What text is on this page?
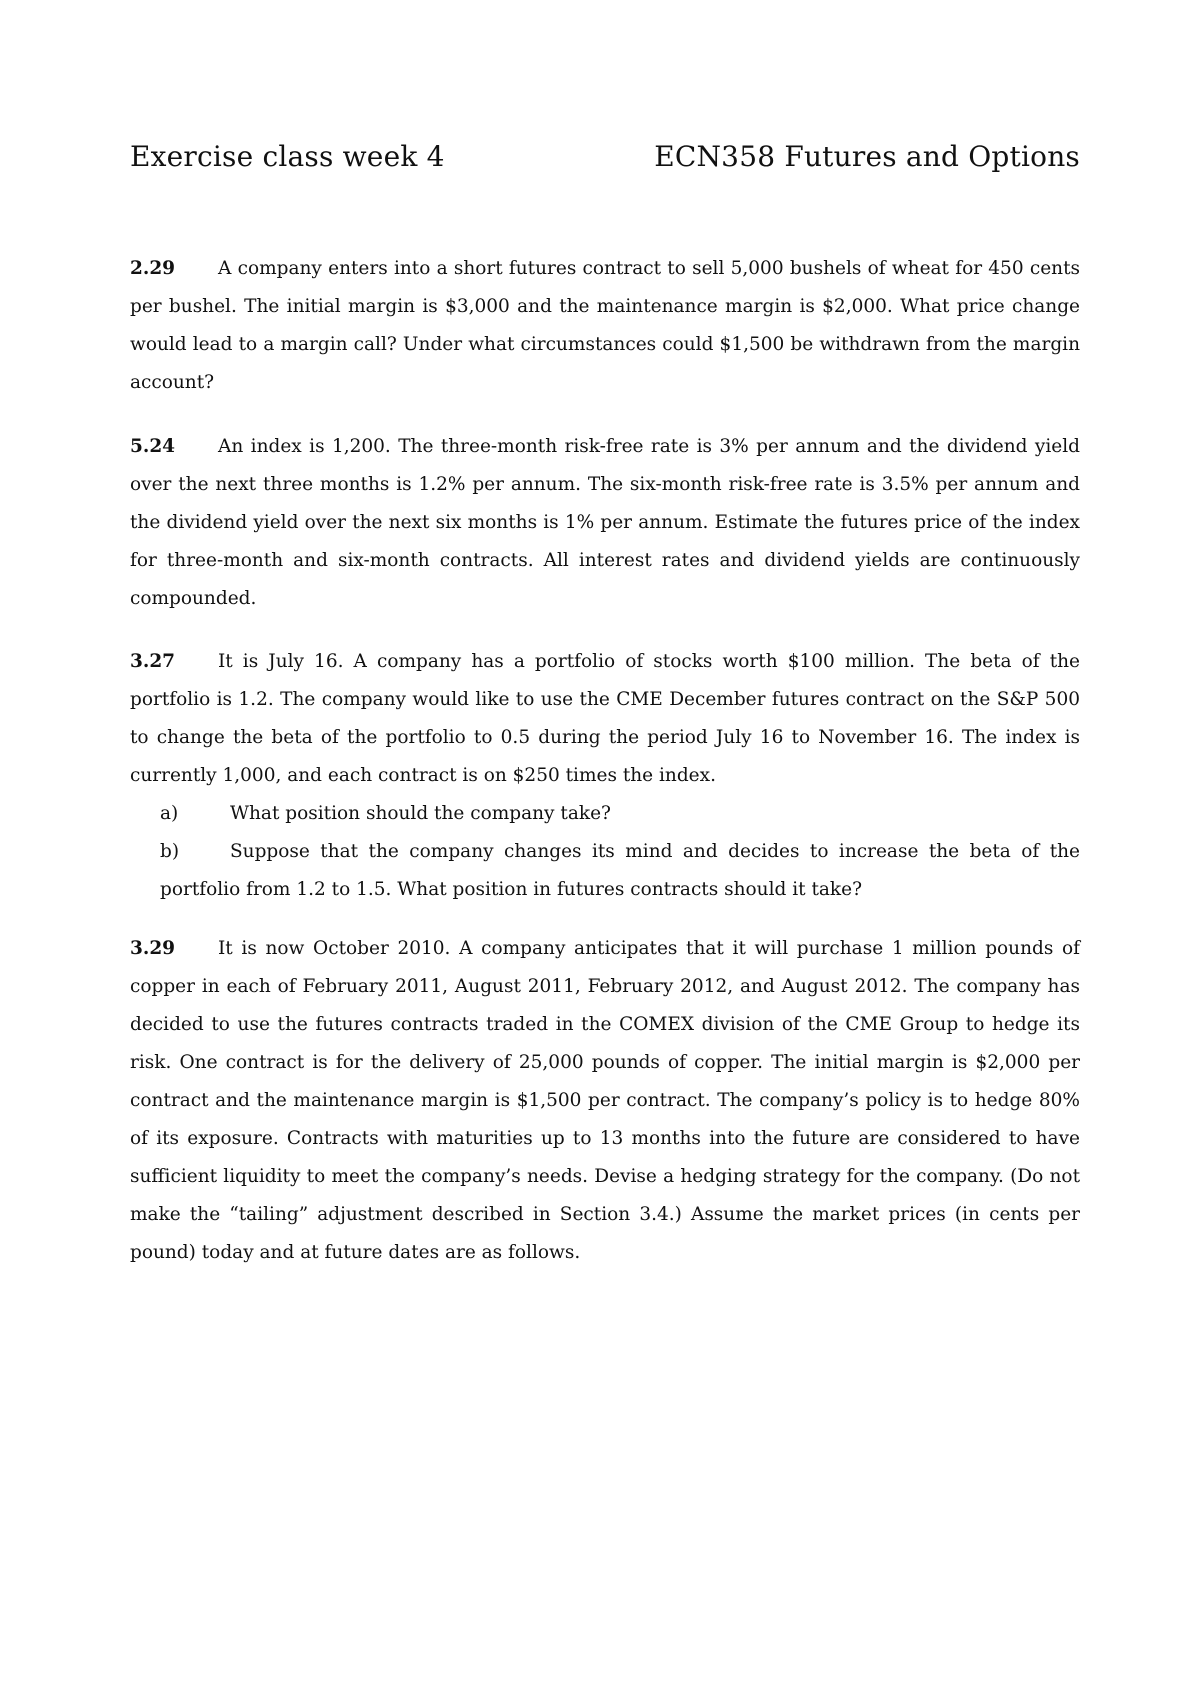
Exercise class week 4	ECN358 Futures and Options
2.29 A company enters into a short futures contract to sell 5,000 bushels of wheat for 450 cents per bushel. The initial margin is $3,000 and the maintenance margin is $2,000. What price change would lead to a margin call? Under what circumstances could $1,500 be withdrawn from the margin account?
5.24 An index is 1,200. The three-month risk-free rate is 3% per annum and the dividend yield over the next three months is 1.2% per annum. The six-month risk-free rate is 3.5% per annum and the dividend yield over the next six months is 1% per annum. Estimate the futures price of the index for three-month and six-month contracts. All interest rates and dividend yields are continuously compounded.
3.27 It is July 16. A company has a portfolio of stocks worth $100 million. The beta of the portfolio is 1.2. The company would like to use the CME December futures contract on the S&P 500 to change the beta of the portfolio to 0.5 during the period July 16 to November 16. The index is currently 1,000, and each contract is on $250 times the index.
a)	What position should the company take?
b)	Suppose that the company changes its mind and decides to increase the beta of the portfolio from 1.2 to 1.5. What position in futures contracts should it take?
3.29 It is now October 2010. A company anticipates that it will purchase 1 million pounds of copper in each of February 2011, August 2011, February 2012, and August 2012. The company has decided to use the futures contracts traded in the COMEX division of the CME Group to hedge its risk. One contract is for the delivery of 25,000 pounds of copper. The initial margin is $2,000 per contract and the maintenance margin is $1,500 per contract. The company’s policy is to hedge 80% of its exposure. Contracts with maturities up to 13 months into the future are considered to have sufficient liquidity to meet the company’s needs. Devise a hedging strategy for the company. (Do not make the “tailing” adjustment described in Section 3.4.) Assume the market prices (in cents per pound) today and at future dates are as follows.
